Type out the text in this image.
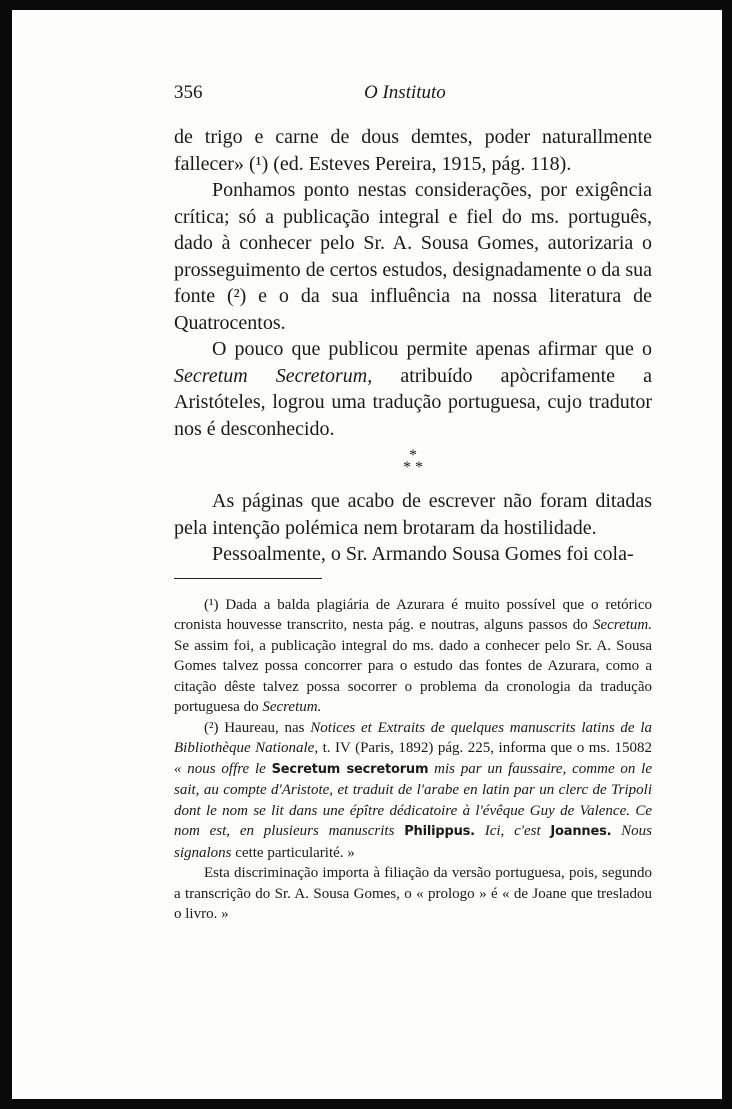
356	O Instituto

de trigo e carne de dous demtes, poder naturallmente fallecer» (¹) (ed. Esteves Pereira, 1915, pág. 118).

Ponhamos ponto nestas considerações, por exigência crítica; só a publicação integral e fiel do ms. português, dado à conhecer pelo Sr. A. Sousa Gomes, autorizaria o prosseguimento de certos estudos, designadamente o da sua fonte (²) e o da sua influência na nossa literatura de Quatrocentos.

O pouco que publicou permite apenas afirmar que o Secretum Secretorum, atribuído apòcrifamente a Aristóteles, logrou uma tradução portuguesa, cujo tradutor nos é desconhecido.

*
* *

As páginas que acabo de escrever não foram ditadas pela intenção polémica nem brotaram da hostilidade.

Pessoalmente, o Sr. Armando Sousa Gomes foi cola-

(¹) Dada a balda plagiária de Azurara é muito possível que o retórico cronista houvesse transcrito, nesta pág. e noutras, alguns passos do Secretum. Se assim foi, a publicação integral do ms. dado a conhecer pelo Sr. A. Sousa Gomes talvez possa concorrer para o estudo das fontes de Azurara, como a citação dêste talvez possa socorrer o problema da cronologia da tradução portuguesa do Secretum.

(²) Haureau, nas Notices et Extraits de quelques manuscrits latins de la Bibliothèque Nationale, t. IV (Paris, 1892) pág. 225, informa que o ms. 15082 « nous offre le Secretum secretorum mis par un faussaire, comme on le sait, au compte d'Aristote, et traduit de l'arabe en latin par un clerc de Tripoli dont le nom se lit dans une épître dédicatoire à l'évêque Guy de Valence. Ce nom est, en plusieurs manuscrits Philippus. Ici, c'est Joannes. Nous signalons cette particularité. »

Esta discriminação importa à filiação da versão portuguesa, pois, segundo a transcrição do Sr. A. Sousa Gomes, o « prologo » é « de Joane que tresladou o livro. »
